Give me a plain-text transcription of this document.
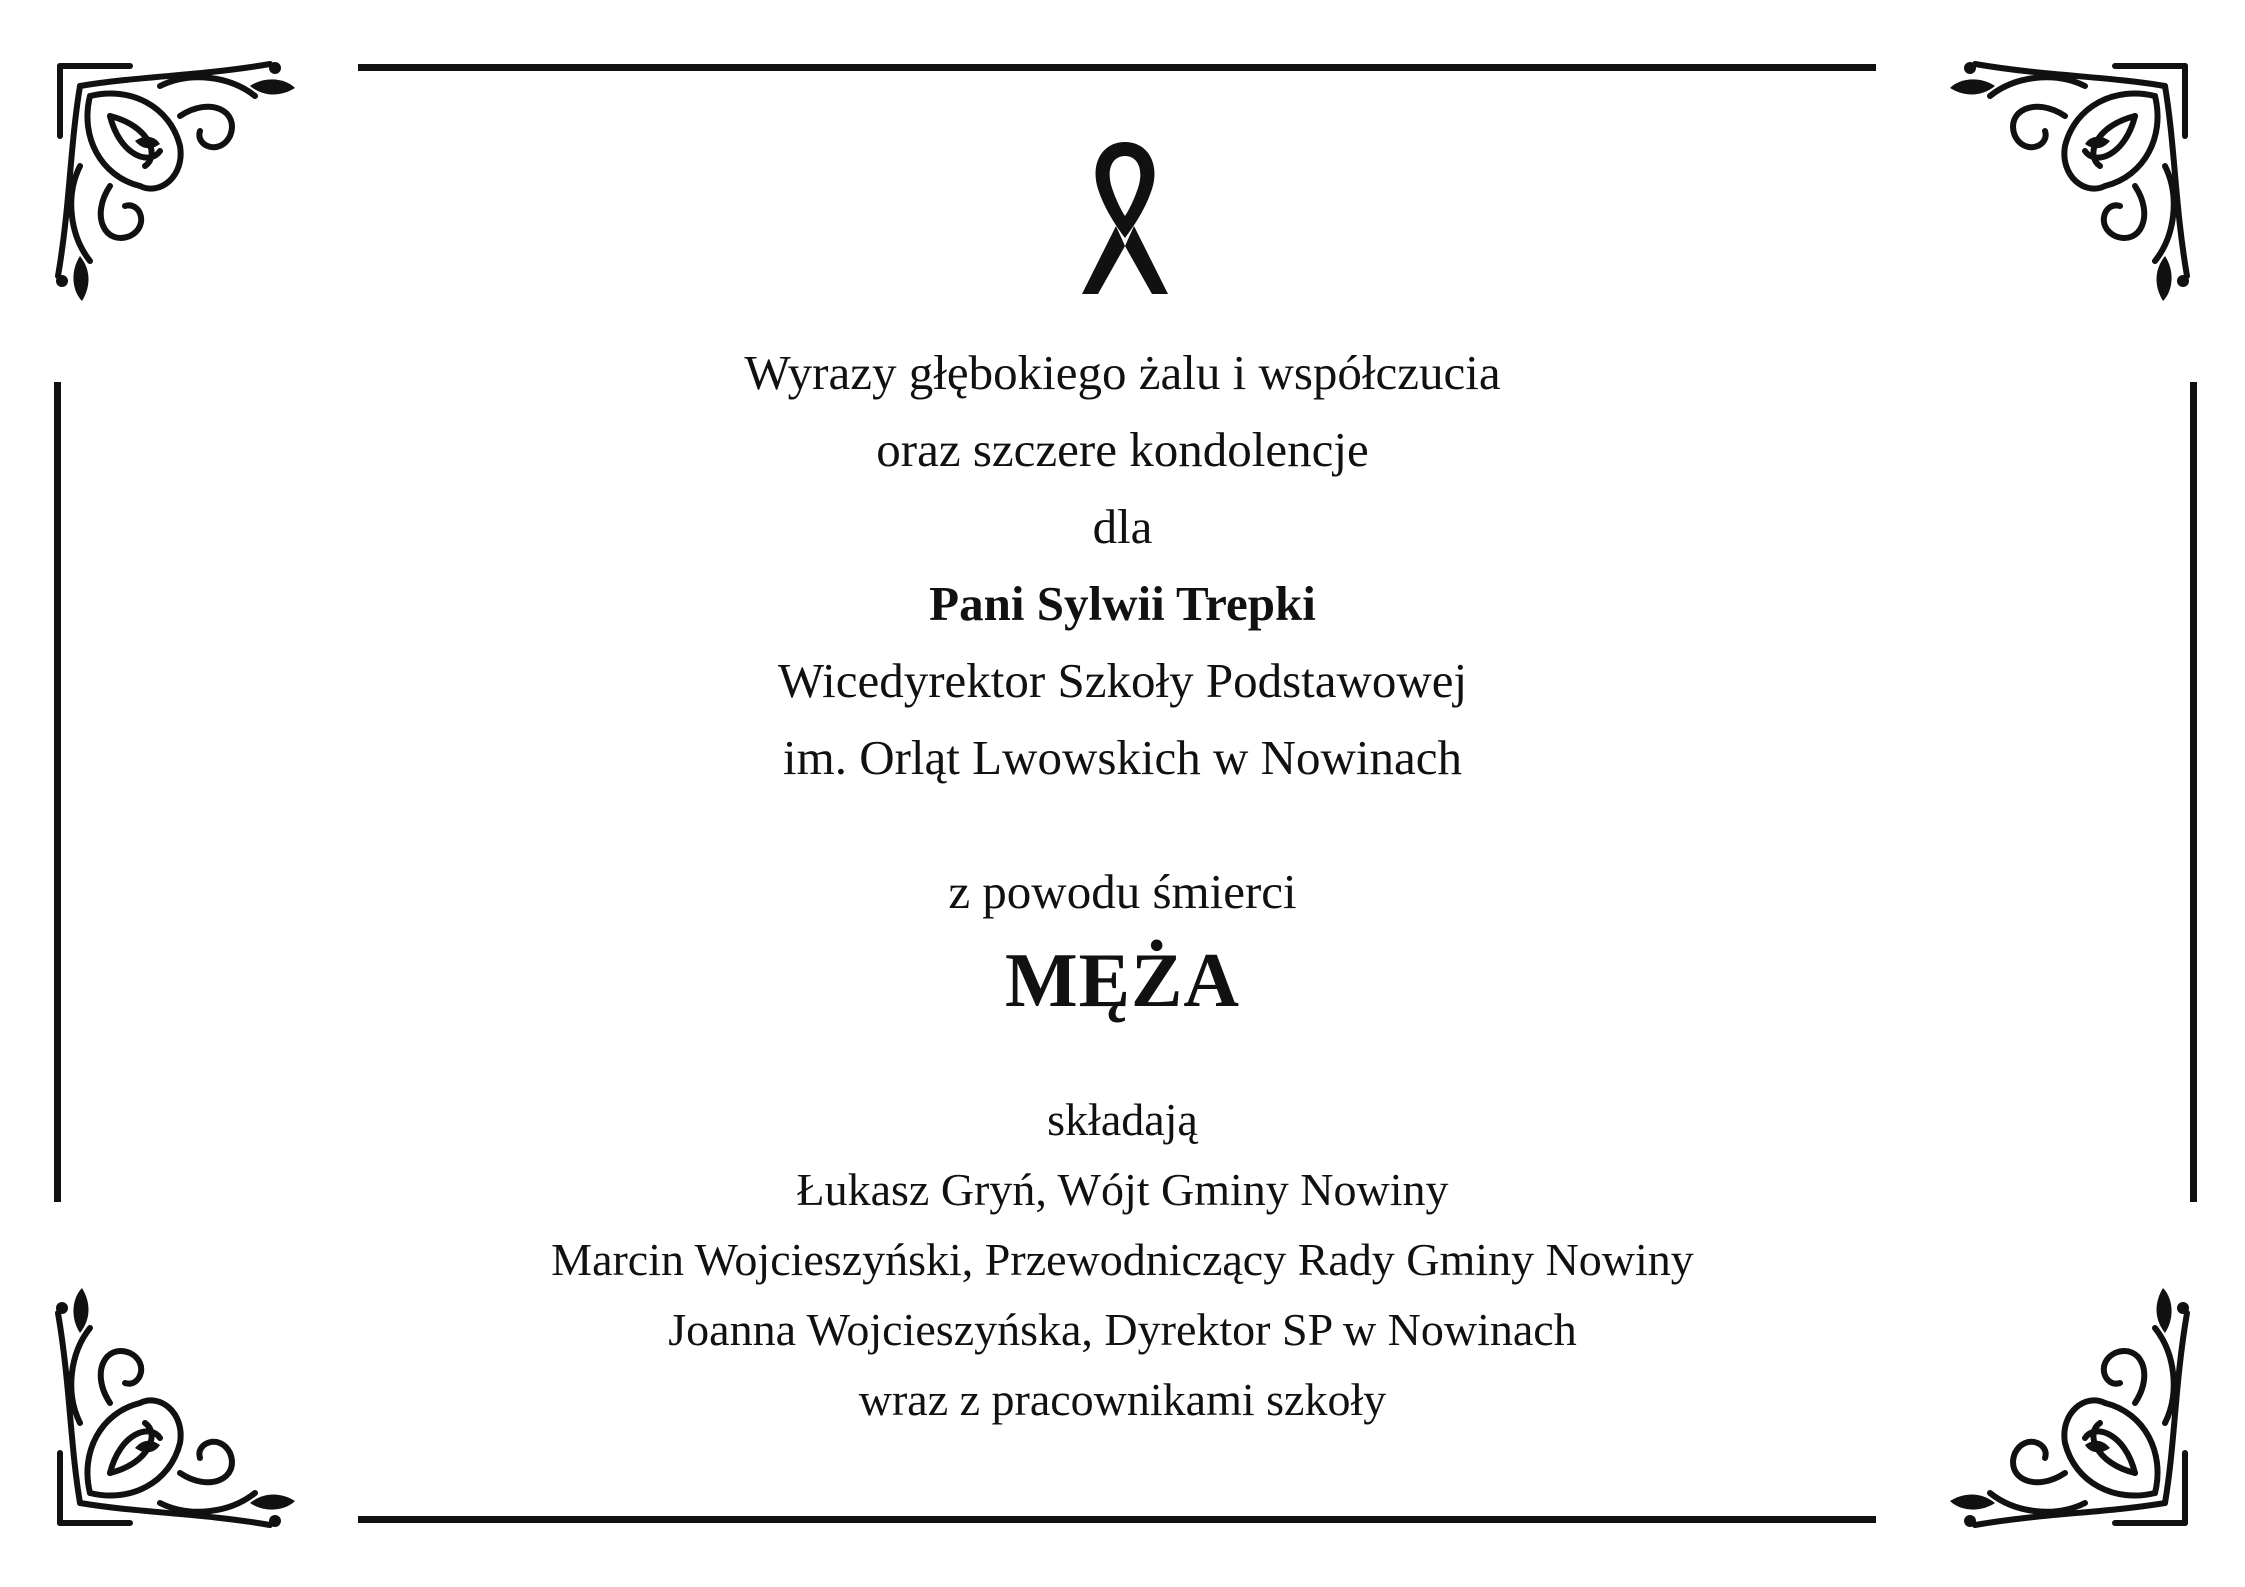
Wyrazy głębokiego żalu i współczucia
oraz szczere kondolencje
dla
Pani Sylwii Trepki
Wicedyrektor Szkoły Podstawowej
im. Orląt Lwowskich w Nowinach
z powodu śmierci
MĘŻA
składają
Łukasz Gryń, Wójt Gminy Nowiny
Marcin Wojcieszyński, Przewodniczący Rady Gminy Nowiny
Joanna Wojcieszyńska, Dyrektor SP w Nowinach
wraz z pracownikami szkoły
